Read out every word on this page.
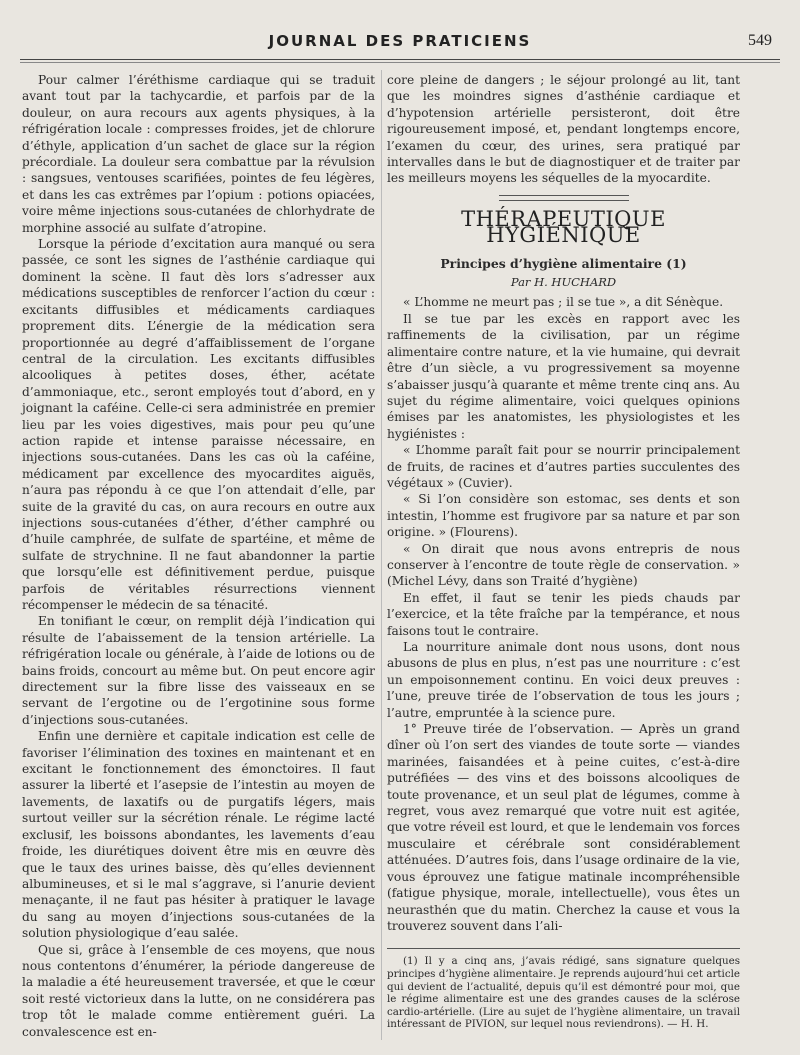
JOURNAL DES PRATICIENS	549

Pour calmer l’éréthisme cardiaque qui se traduit avant tout par la tachycardie, et parfois par de la douleur, on aura recours aux agents physiques, à la réfrigération locale : compresses froides, jet de chlorure d’éthyle, application d’un sachet de glace sur la région précordiale. La douleur sera combattue par la révulsion : sangsues, ventouses scarifiées, pointes de feu légères, et dans les cas extrêmes par l’opium : potions opiacées, voire même injections sous-cutanées de chlorhydrate de morphine associé au sulfate d’atropine.

Lorsque la période d’excitation aura manqué ou sera passée, ce sont les signes de l’asthénie cardiaque qui dominent la scène. Il faut dès lors s’adresser aux médications susceptibles de renforcer l’action du cœur : excitants diffusibles et médicaments cardiaques proprement dits. L’énergie de la médication sera proportionnée au degré d’affaiblissement de l’organe central de la circulation. Les excitants diffusibles alcooliques à petites doses, éther, acétate d’ammoniaque, etc., seront employés tout d’abord, en y joignant la caféine. Celle-ci sera administrée en premier lieu par les voies digestives, mais pour peu qu’une action rapide et intense paraisse nécessaire, en injections sous-cutanées. Dans les cas où la caféine, médicament par excellence des myocardites aiguës, n’aura pas répondu à ce que l’on attendait d’elle, par suite de la gravité du cas, on aura recours en outre aux injections sous-cutanées d’éther, d’éther camphré ou d’huile camphrée, de sulfate de spartéine, et même de sulfate de strychnine. Il ne faut abandonner la partie que lorsqu’elle est définitivement perdue, puisque parfois de véritables résurrections viennent récompenser le médecin de sa ténacité.

En tonifiant le cœur, on remplit déjà l’indication qui résulte de l’abaissement de la tension artérielle. La réfrigération locale ou générale, à l’aide de lotions ou de bains froids, concourt au même but. On peut encore agir directement sur la fibre lisse des vaisseaux en se servant de l’ergotine ou de l’ergotinine sous forme d’injections sous-cutanées.

Enfin une dernière et capitale indication est celle de favoriser l’élimination des toxines en maintenant et en excitant le fonctionnement des émonctoires. Il faut assurer la liberté et l’asepsie de l’intestin au moyen de lavements, de laxatifs ou de purgatifs légers, mais surtout veiller sur la sécrétion rénale. Le régime lacté exclusif, les boissons abondantes, les lavements d’eau froide, les diurétiques doivent être mis en œuvre dès que le taux des urines baisse, dès qu’elles deviennent albumineuses, et si le mal s’aggrave, si l’anurie devient menaçante, il ne faut pas hésiter à pratiquer le lavage du sang au moyen d’injections sous-cutanées de la solution physiologique d’eau salée.

Que si, grâce à l’ensemble de ces moyens, que nous nous contentons d’énumérer, la période dangereuse de la maladie a été heureusement traversée, et que le cœur soit resté victorieux dans la lutte, on ne considérera pas trop tôt le malade comme entièrement guéri. La convalescence est en-

core pleine de dangers ; le séjour prolongé au lit, tant que les moindres signes d’asthénie cardiaque et d’hypotension artérielle persisteront, doit être rigoureusement imposé, et, pendant longtemps encore, l’examen du cœur, des urines, sera pratiqué par intervalles dans le but de diagnostiquer et de traiter par les meilleurs moyens les séquelles de la myocardite.

THÉRAPEUTIQUE HYGIÉNIQUE
Principes d’hygiène alimentaire (1)
Par H. HUCHARD

« L’homme ne meurt pas ; il se tue », a dit Sénèque.

Il se tue par les excès en rapport avec les raffinements de la civilisation, par un régime alimentaire contre nature, et la vie humaine, qui devrait être d’un siècle, a vu progressivement sa moyenne s’abaisser jusqu’à quarante et même trente cinq ans. Au sujet du régime alimentaire, voici quelques opinions émises par les anatomistes, les physiologistes et les hygiénistes :

« L’homme paraît fait pour se nourrir principalement de fruits, de racines et d’autres parties succulentes des végétaux » (Cuvier).

« Si l’on considère son estomac, ses dents et son intestin, l’homme est frugivore par sa nature et par son origine. » (Flourens).

« On dirait que nous avons entrepris de nous conserver à l’encontre de toute règle de conservation. » (Michel Lévy, dans son Traité d’hygiène)

En effet, il faut se tenir les pieds chauds par l’exercice, et la tête fraîche par la tempérance, et nous faisons tout le contraire.

La nourriture animale dont nous usons, dont nous abusons de plus en plus, n’est pas une nourriture : c’est un empoisonnement continu. En voici deux preuves : l’une, preuve tirée de l’observation de tous les jours ; l’autre, empruntée à la science pure.

1° Preuve tirée de l’observation. — Après un grand dîner où l’on sert des viandes de toute sorte — viandes marinées, faisandées et à peine cuites, c’est-à-dire putréfiées — des vins et des boissons alcooliques de toute provenance, et un seul plat de légumes, comme à regret, vous avez remarqué que votre nuit est agitée, que votre réveil est lourd, et que le lendemain vos forces musculaire et cérébrale sont considérablement atténuées. D’autres fois, dans l’usage ordinaire de la vie, vous éprouvez une fatigue matinale incompréhensible (fatigue physique, morale, intellectuelle), vous êtes un neurasthén que du matin. Cherchez la cause et vous la trouverez souvent dans l’ali-

(1) Il y a cinq ans, j’avais rédigé, sans signature quelques principes d’hygiène alimentaire. Je reprends aujourd’hui cet article qui devient de l’actualité, depuis qu’il est démontré pour moi, que le régime alimentaire est une des grandes causes de la sclérose cardio-artérielle. (Lire au sujet de l’hygiène alimentaire, un travail intéressant de PIVION, sur lequel nous reviendrons). — H. H.
